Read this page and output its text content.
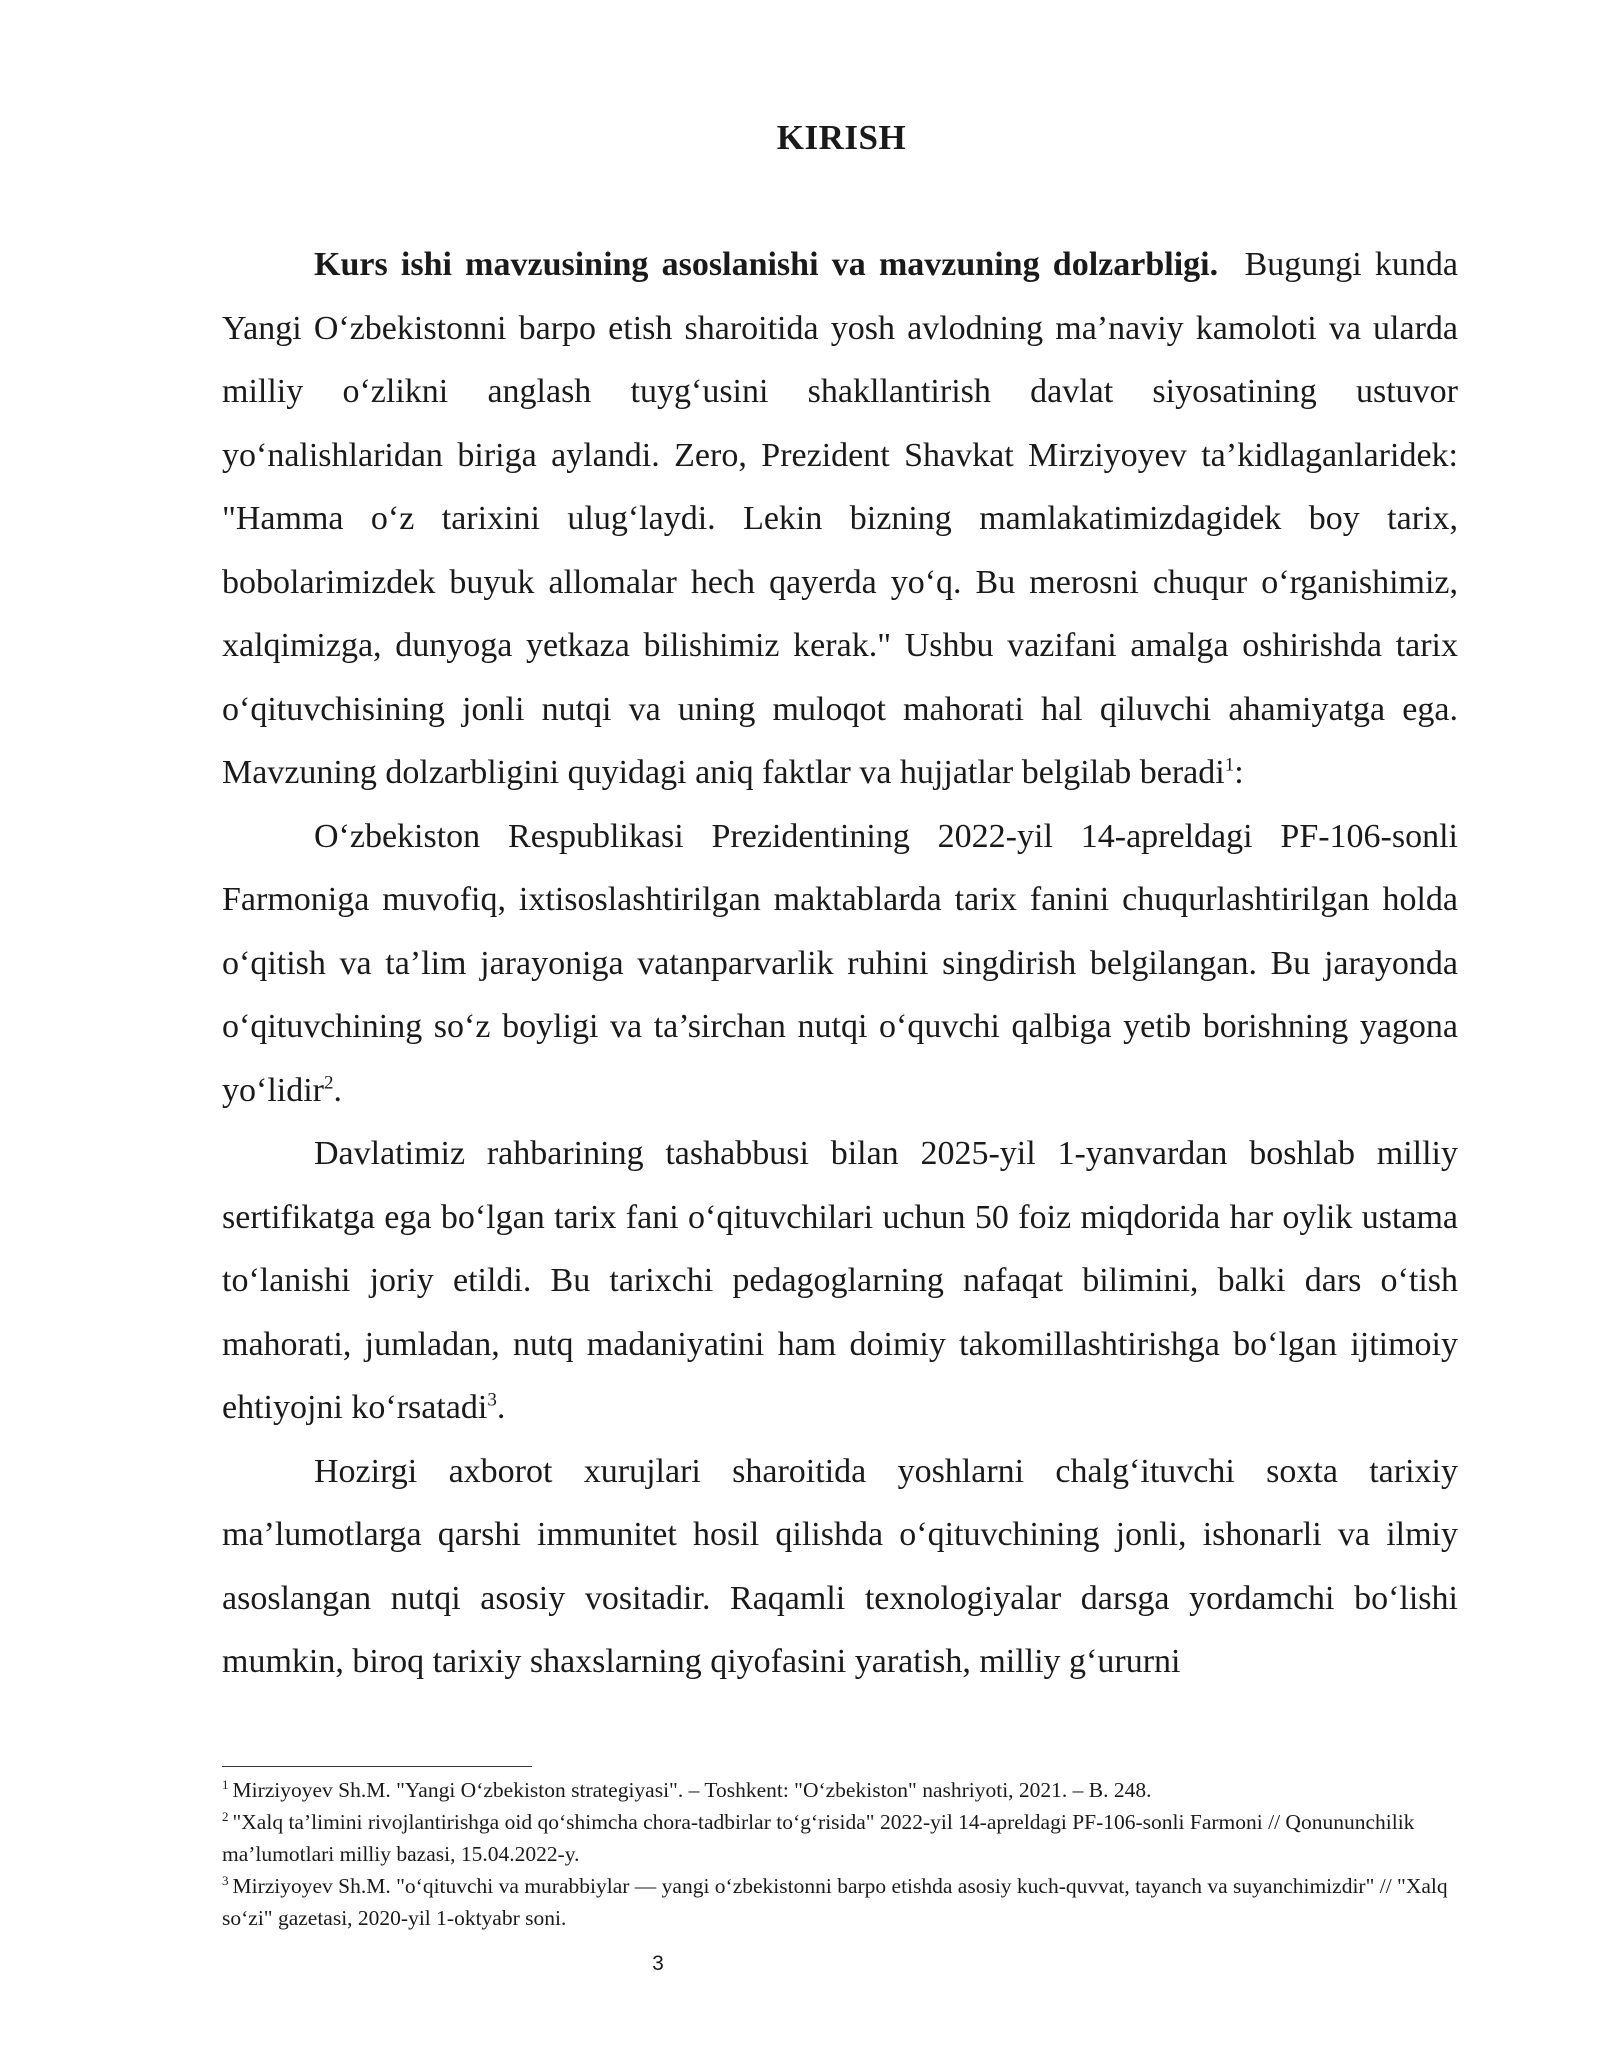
KIRISH

Kurs ishi mavzusining asoslanishi va mavzuning dolzarbligi. Bugungi kunda Yangi O‘zbekistonni barpo etish sharoitida yosh avlodning ma’naviy kamoloti va ularda milliy o‘zlikni anglash tuyg‘usini shakllantirish davlat siyosatining ustuvor yo‘nalishlaridan biriga aylandi. Zero, Prezident Shavkat Mirziyoyev ta’kidlaganlaridek: "Hamma o‘z tarixini ulug‘laydi. Lekin bizning mamlakatimizdagidek boy tarix, bobolarimizdek buyuk allomalar hech qayerda yo‘q. Bu merosni chuqur o‘rganishimiz, xalqimizga, dunyoga yetkaza bilishimiz kerak." Ushbu vazifani amalga oshirishda tarix o‘qituvchisining jonli nutqi va uning muloqot mahorati hal qiluvchi ahamiyatga ega. Mavzuning dolzarbligini quyidagi aniq faktlar va hujjatlar belgilab beradi$^1$:

O‘zbekiston Respublikasi Prezidentining 2022-yil 14-apreldagi PF-106-sonli Farmoniga muvofiq, ixtisoslashtirilgan maktablarda tarix fanini chuqurlashtirilgan holda o‘qitish va ta’lim jarayoniga vatanparvarlik ruhini singdirish belgilangan. Bu jarayonda o‘qituvchining so‘z boyligi va ta’sirchan nutqi o‘quvchi qalbiga yetib borishning yagona yo‘lidir$^2$.

Davlatimiz rahbarining tashabbusi bilan 2025-yil 1-yanvardan boshlab milliy sertifikatga ega bo‘lgan tarix fani o‘qituvchilari uchun 50 foiz miqdorida har oylik ustama to‘lanishi joriy etildi. Bu tarixchi pedagoglarning nafaqat bilimini, balki dars o‘tish mahorati, jumladan, nutq madaniyatini ham doimiy takomillashtirishga bo‘lgan ijtimoiy ehtiyojni ko‘rsatadi$^3$.

Hozirgi axborot xurujlari sharoitida yoshlarni chalg‘ituvchi soxta tarixiy ma’lumotlarga qarshi immunitet hosil qilishda o‘qituvchining jonli, ishonarli va ilmiy asoslangan nutqi asosiy vositadir. Raqamli texnologiyalar darsga yordamchi bo‘lishi mumkin, biroq tarixiy shaxslarning qiyofasini yaratish, milliy g‘ururni

$^1$ Mirziyoyev Sh.M. "Yangi O‘zbekiston strategiyasi". – Toshkent: "O‘zbekiston" nashriyoti, 2021. – B. 248.

$^2$ "Xalq ta’limini rivojlantirishga oid qo‘shimcha chora-tadbirlar to‘g‘risida" 2022-yil 14-apreldagi PF-106-sonli Farmoni // Qonununchilik ma’lumotlari milliy bazasi, 15.04.2022-y.

$^3$ Mirziyoyev Sh.M. "o‘qituvchi va murabbiylar — yangi o‘zbekistonni barpo etishda asosiy kuch-quvvat, tayanch va suyanchimizdir" // "Xalq so‘zi" gazetasi, 2020-yil 1-oktyabr soni.

3
